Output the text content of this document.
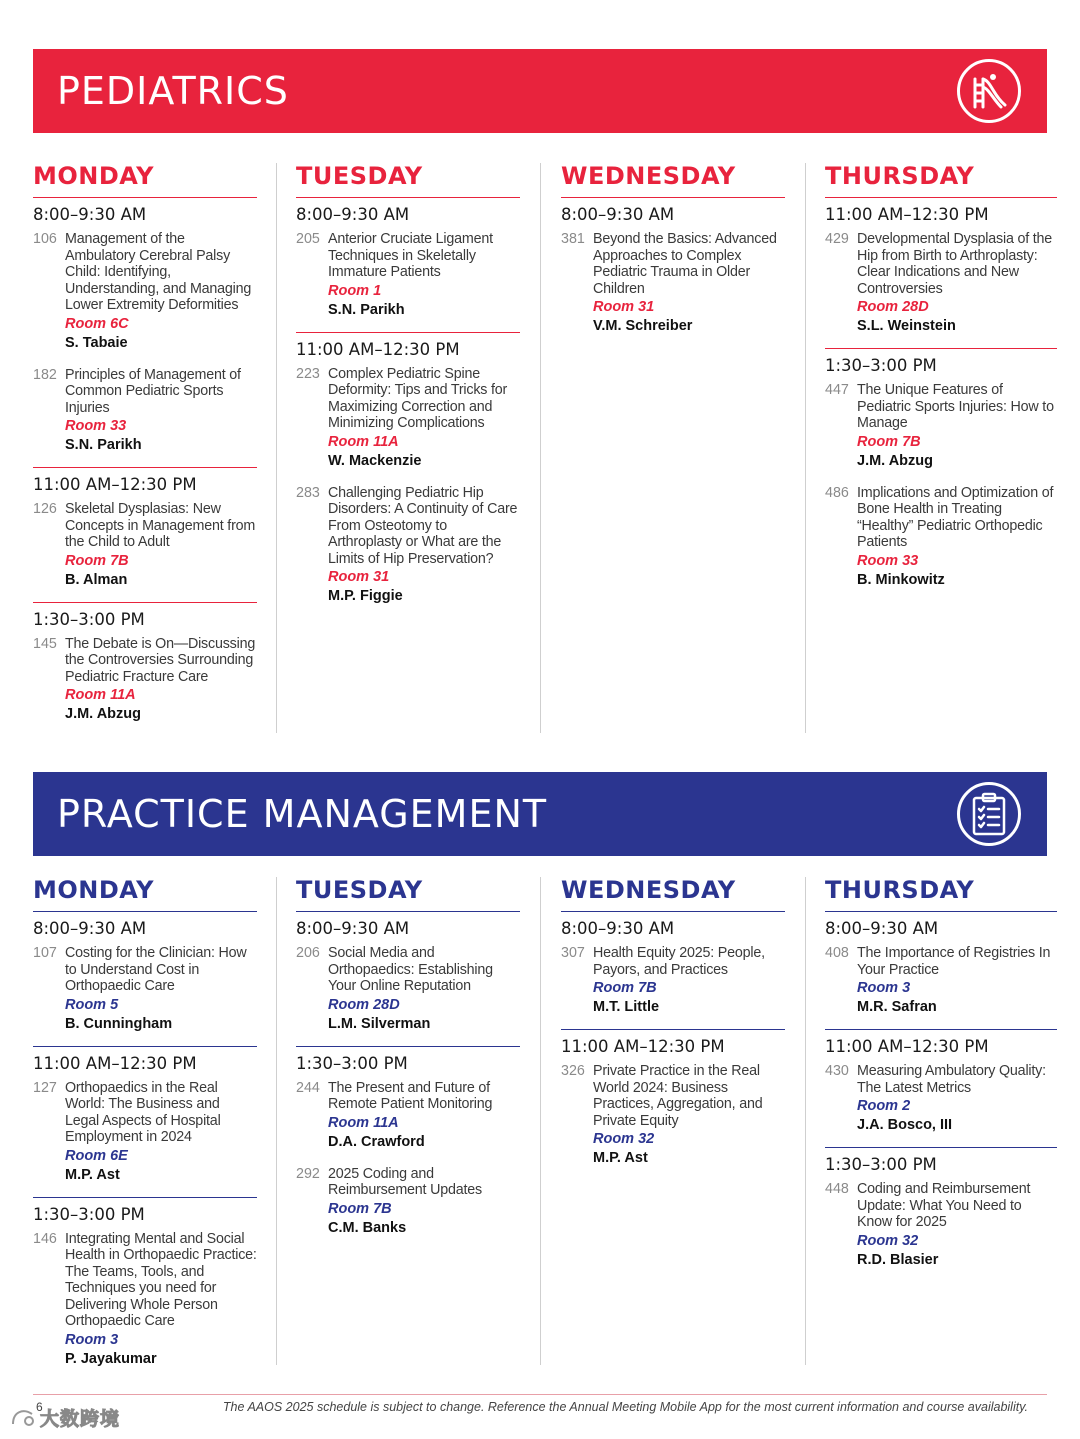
PEDIATRICS
MONDAY
8:00–9:30 AM
106 Management of the Ambulatory Cerebral Palsy Child: Identifying, Understanding, and Managing Lower Extremity Deformities
Room 6C
S. Tabaie
182 Principles of Management of Common Pediatric Sports Injuries
Room 33
S.N. Parikh
11:00 AM–12:30 PM
126 Skeletal Dysplasias: New Concepts in Management from the Child to Adult
Room 7B
B. Alman
1:30–3:00 PM
145 The Debate is On—Discussing the Controversies Surrounding Pediatric Fracture Care
Room 11A
J.M. Abzug
TUESDAY
8:00–9:30 AM
205 Anterior Cruciate Ligament Techniques in Skeletally Immature Patients
Room 1
S.N. Parikh
11:00 AM–12:30 PM
223 Complex Pediatric Spine Deformity: Tips and Tricks for Maximizing Correction and Minimizing Complications
Room 11A
W. Mackenzie
283 Challenging Pediatric Hip Disorders: A Continuity of Care From Osteotomy to Arthroplasty or What are the Limits of Hip Preservation?
Room 31
M.P. Figgie
WEDNESDAY
8:00–9:30 AM
381 Beyond the Basics: Advanced Approaches to Complex Pediatric Trauma in Older Children
Room 31
V.M. Schreiber
THURSDAY
11:00 AM–12:30 PM
429 Developmental Dysplasia of the Hip from Birth to Arthroplasty: Clear Indications and New Controversies
Room 28D
S.L. Weinstein
1:30–3:00 PM
447 The Unique Features of Pediatric Sports Injuries: How to Manage
Room 7B
J.M. Abzug
486 Implications and Optimization of Bone Health in Treating “Healthy” Pediatric Orthopedic Patients
Room 33
B. Minkowitz
PRACTICE MANAGEMENT
MONDAY
8:00–9:30 AM
107 Costing for the Clinician: How to Understand Cost in Orthopaedic Care
Room 5
B. Cunningham
11:00 AM–12:30 PM
127 Orthopaedics in the Real World: The Business and Legal Aspects of Hospital Employment in 2024
Room 6E
M.P. Ast
1:30–3:00 PM
146 Integrating Mental and Social Health in Orthopaedic Practice: The Teams, Tools, and Techniques you need for Delivering Whole Person Orthopaedic Care
Room 3
P. Jayakumar
TUESDAY
8:00–9:30 AM
206 Social Media and Orthopaedics: Establishing Your Online Reputation
Room 28D
L.M. Silverman
1:30–3:00 PM
244 The Present and Future of Remote Patient Monitoring
Room 11A
D.A. Crawford
292 2025 Coding and Reimbursement Updates
Room 7B
C.M. Banks
WEDNESDAY
8:00–9:30 AM
307 Health Equity 2025: People, Payors, and Practices
Room 7B
M.T. Little
11:00 AM–12:30 PM
326 Private Practice in the Real World 2024: Business Practices, Aggregation, and Private Equity
Room 32
M.P. Ast
THURSDAY
8:00–9:30 AM
408 The Importance of Registries In Your Practice
Room 3
M.R. Safran
11:00 AM–12:30 PM
430 Measuring Ambulatory Quality: The Latest Metrics
Room 2
J.A. Bosco, III
1:30–3:00 PM
448 Coding and Reimbursement Update: What You Need to Know for 2025
Room 32
R.D. Blasier
6	The AAOS 2025 schedule is subject to change. Reference the Annual Meeting Mobile App for the most current information and course availability.
大数跨境
